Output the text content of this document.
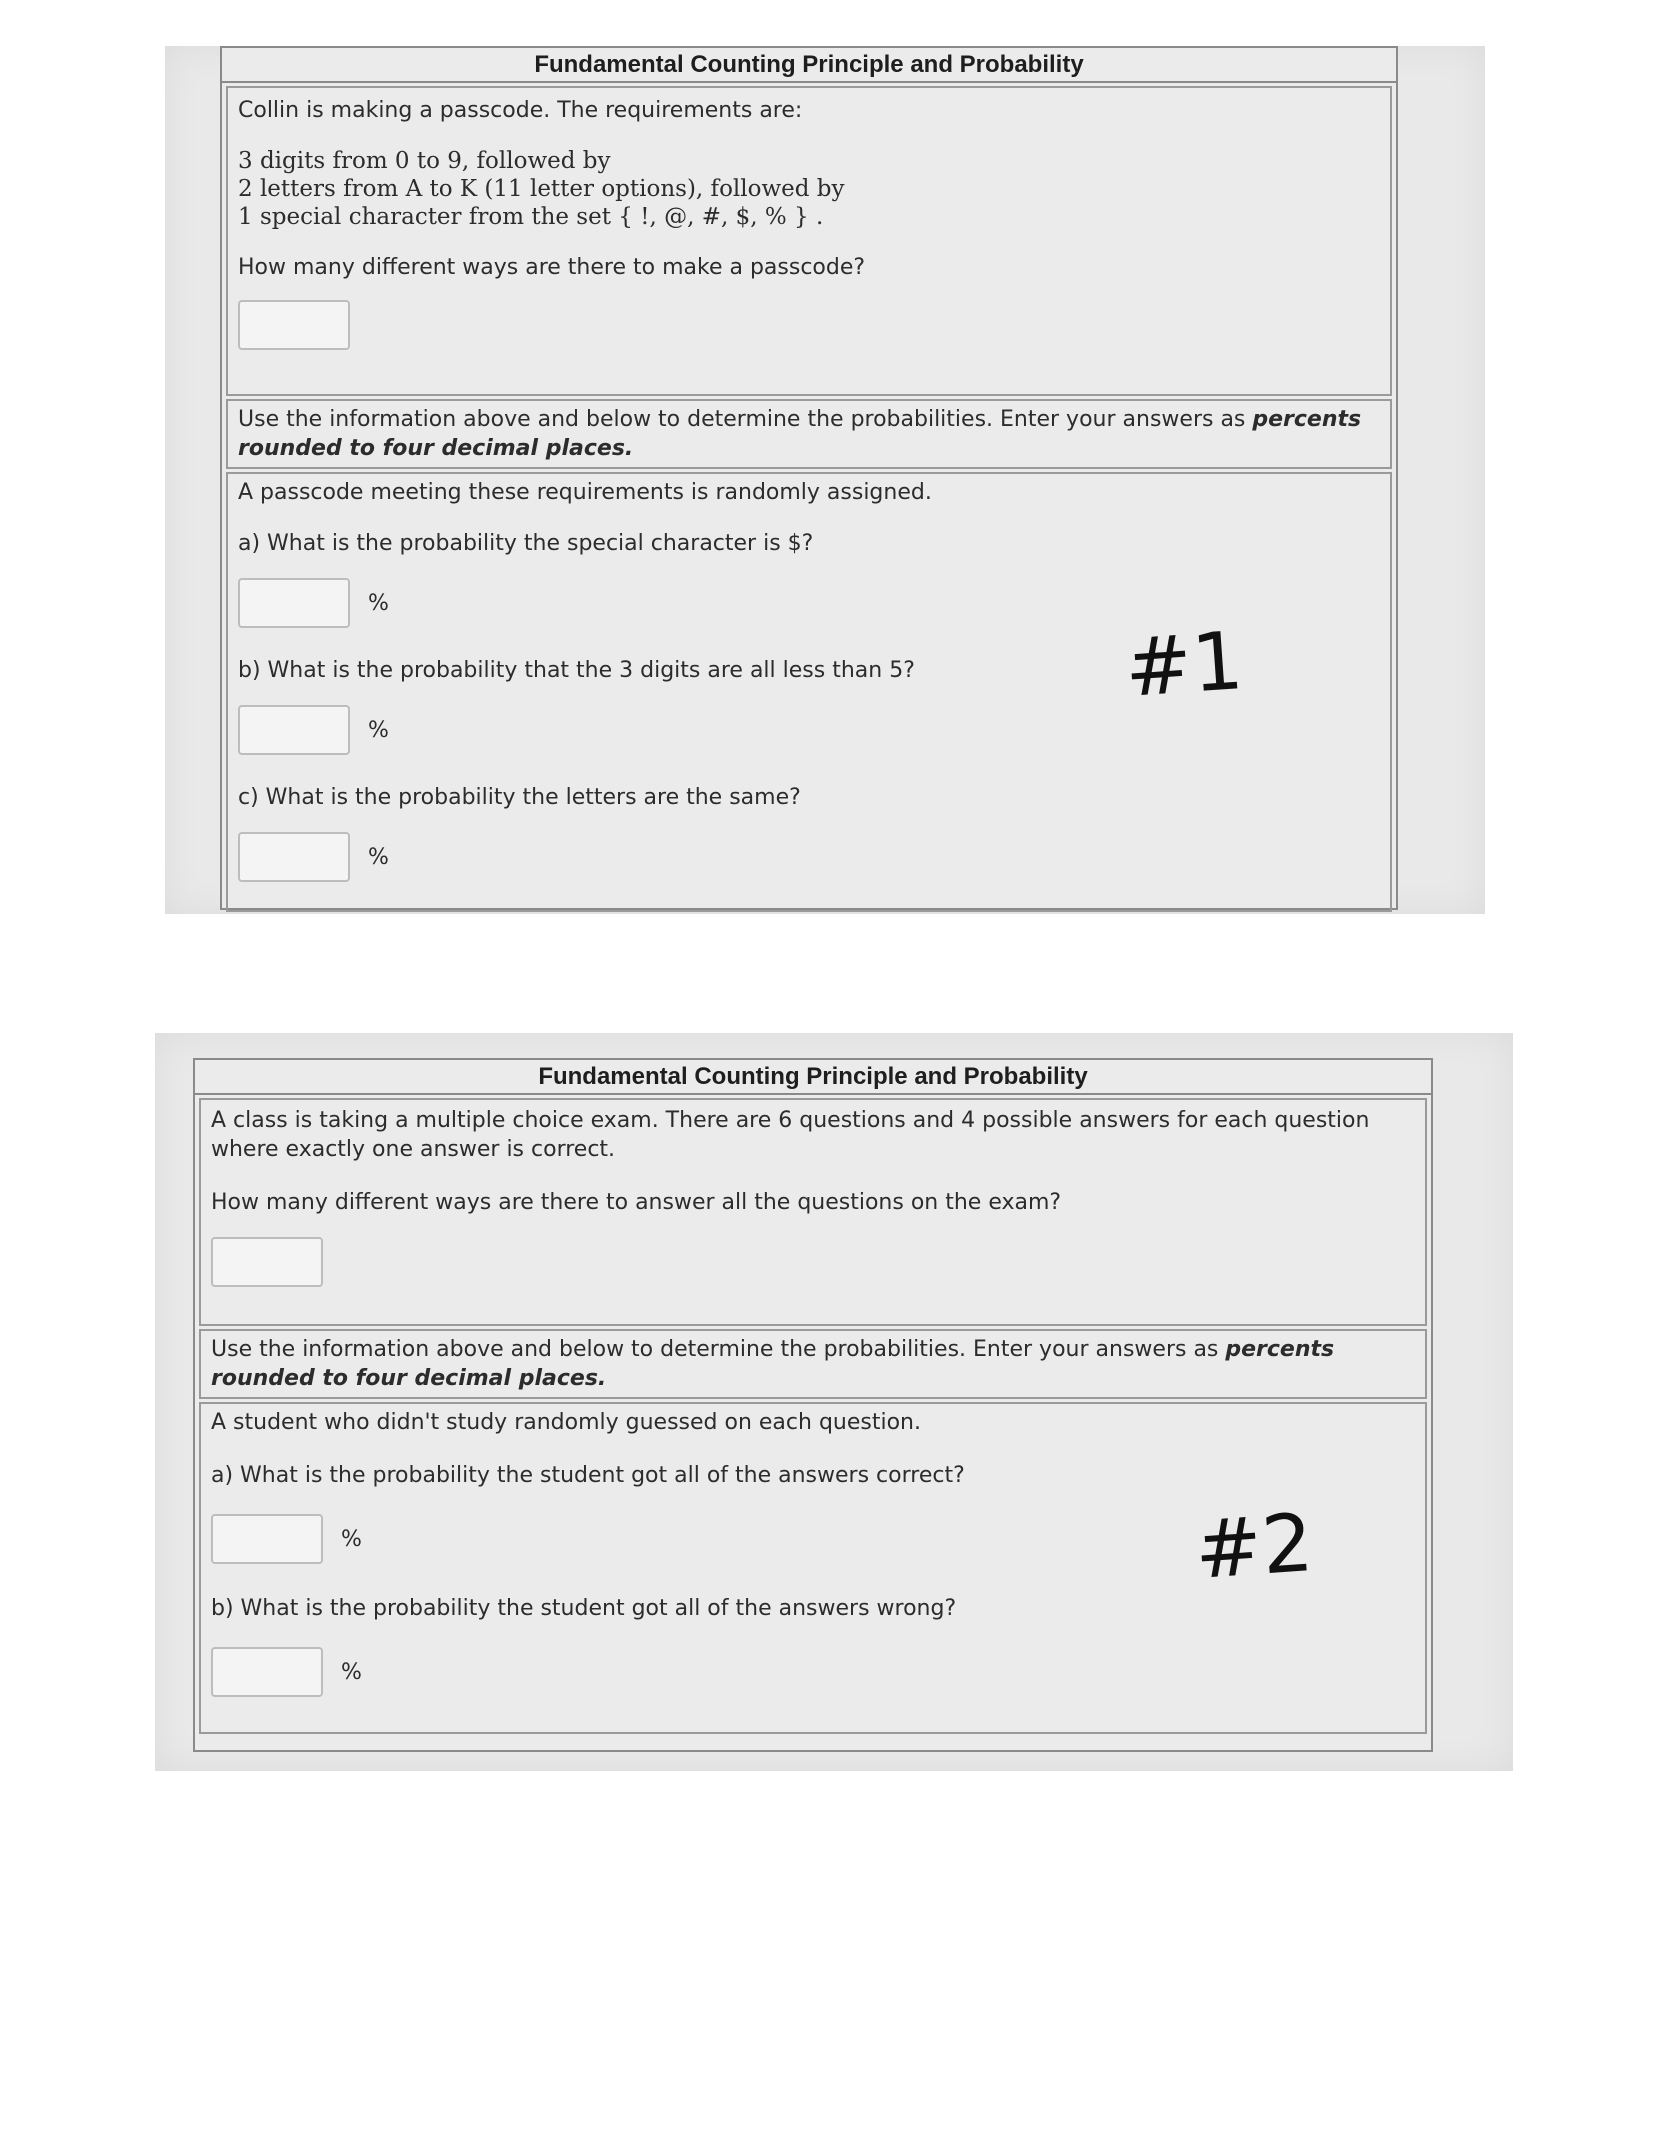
Fundamental Counting Principle and Probability
Collin is making a passcode. The requirements are:
3 digits from 0 to 9, followed by
2 letters from A to K (11 letter options), followed by
1 special character from the set { !, @, #, $, % } .
How many different ways are there to make a passcode?
Use the information above and below to determine the probabilities. Enter your answers as percents rounded to four decimal places.
A passcode meeting these requirements is randomly assigned.
a) What is the probability the special character is $?
%
b) What is the probability that the 3 digits are all less than 5?
%
c) What is the probability the letters are the same?
%
#1
Fundamental Counting Principle and Probability
A class is taking a multiple choice exam. There are 6 questions and 4 possible answers for each question
where exactly one answer is correct.
How many different ways are there to answer all the questions on the exam?
Use the information above and below to determine the probabilities. Enter your answers as percents rounded to four decimal places.
A student who didn't study randomly guessed on each question.
a) What is the probability the student got all of the answers correct?
%
b) What is the probability the student got all of the answers wrong?
%
#2
